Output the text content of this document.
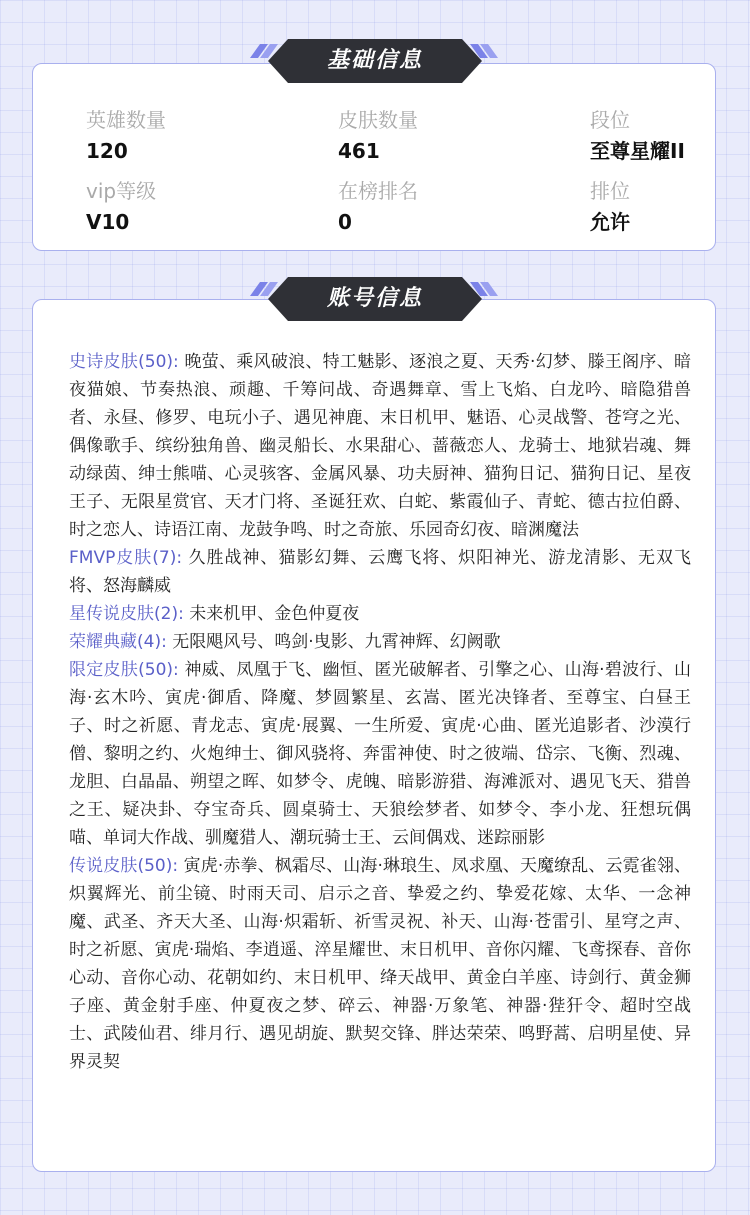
英雄数量
120
皮肤数量
461
段位
至尊星耀II
vip等级
V10
在榜排名
0
排位
允许
史诗皮肤(50): 晚萤、乘风破浪、特工魅影、逐浪之夏、天秀·幻梦、滕王阁序、暗夜猫娘、节奏热浪、顽趣、千筹问战、奇遇舞章、雪上飞焰、白龙吟、暗隐猎兽者、永昼、修罗、电玩小子、遇见神鹿、末日机甲、魅语、心灵战警、苍穹之光、偶像歌手、缤纷独角兽、幽灵船长、水果甜心、蔷薇恋人、龙骑士、地狱岩魂、舞动绿茵、绅士熊喵、心灵骇客、金属风暴、功夫厨神、猫狗日记、猫狗日记、星夜王子、无限星赏官、天才门将、圣诞狂欢、白蛇、紫霞仙子、青蛇、德古拉伯爵、时之恋人、诗语江南、龙鼓争鸣、时之奇旅、乐园奇幻夜、暗渊魔法
FMVP皮肤(7): 久胜战神、猫影幻舞、云鹰飞将、炽阳神光、游龙清影、无双飞将、怒海麟威
星传说皮肤(2): 未来机甲、金色仲夏夜
荣耀典藏(4): 无限飓风号、鸣剑·曳影、九霄神辉、幻阙歌
限定皮肤(50): 神威、凤凰于飞、幽恒、匿光破解者、引擎之心、山海·碧波行、山海·玄木吟、寅虎·御盾、降魔、梦圆繁星、玄嵩、匿光决锋者、至尊宝、白昼王子、时之祈愿、青龙志、寅虎·展翼、一生所爱、寅虎·心曲、匿光追影者、沙漠行僧、黎明之约、火炮绅士、御风骁将、奔雷神使、时之彼端、岱宗、飞衡、烈魂、龙胆、白晶晶、朔望之晖、如梦令、虎魄、暗影游猎、海滩派对、遇见飞天、猎兽之王、疑决卦、夺宝奇兵、圆桌骑士、天狼绘梦者、如梦令、李小龙、狂想玩偶喵、单词大作战、驯魔猎人、潮玩骑士王、云间偶戏、迷踪丽影
传说皮肤(50): 寅虎·赤拳、枫霜尽、山海·琳琅生、凤求凰、天魔缭乱、云霓雀翎、炽翼辉光、前尘镜、时雨天司、启示之音、挚爱之约、挚爱花嫁、太华、一念神魔、武圣、齐天大圣、山海·炽霜斩、祈雪灵祝、补天、山海·苍雷引、星穹之声、时之祈愿、寅虎·瑞焰、李逍遥、淬星耀世、末日机甲、音你闪耀、飞鸢探春、音你心动、音你心动、花朝如约、末日机甲、绛天战甲、黄金白羊座、诗剑行、黄金狮子座、黄金射手座、仲夏夜之梦、碎云、神器·万象笔、神器·狴犴令、超时空战士、武陵仙君、绯月行、遇见胡旋、默契交锋、胖达荣荣、鸣野蒿、启明星使、异界灵契
基础信息
账号信息
